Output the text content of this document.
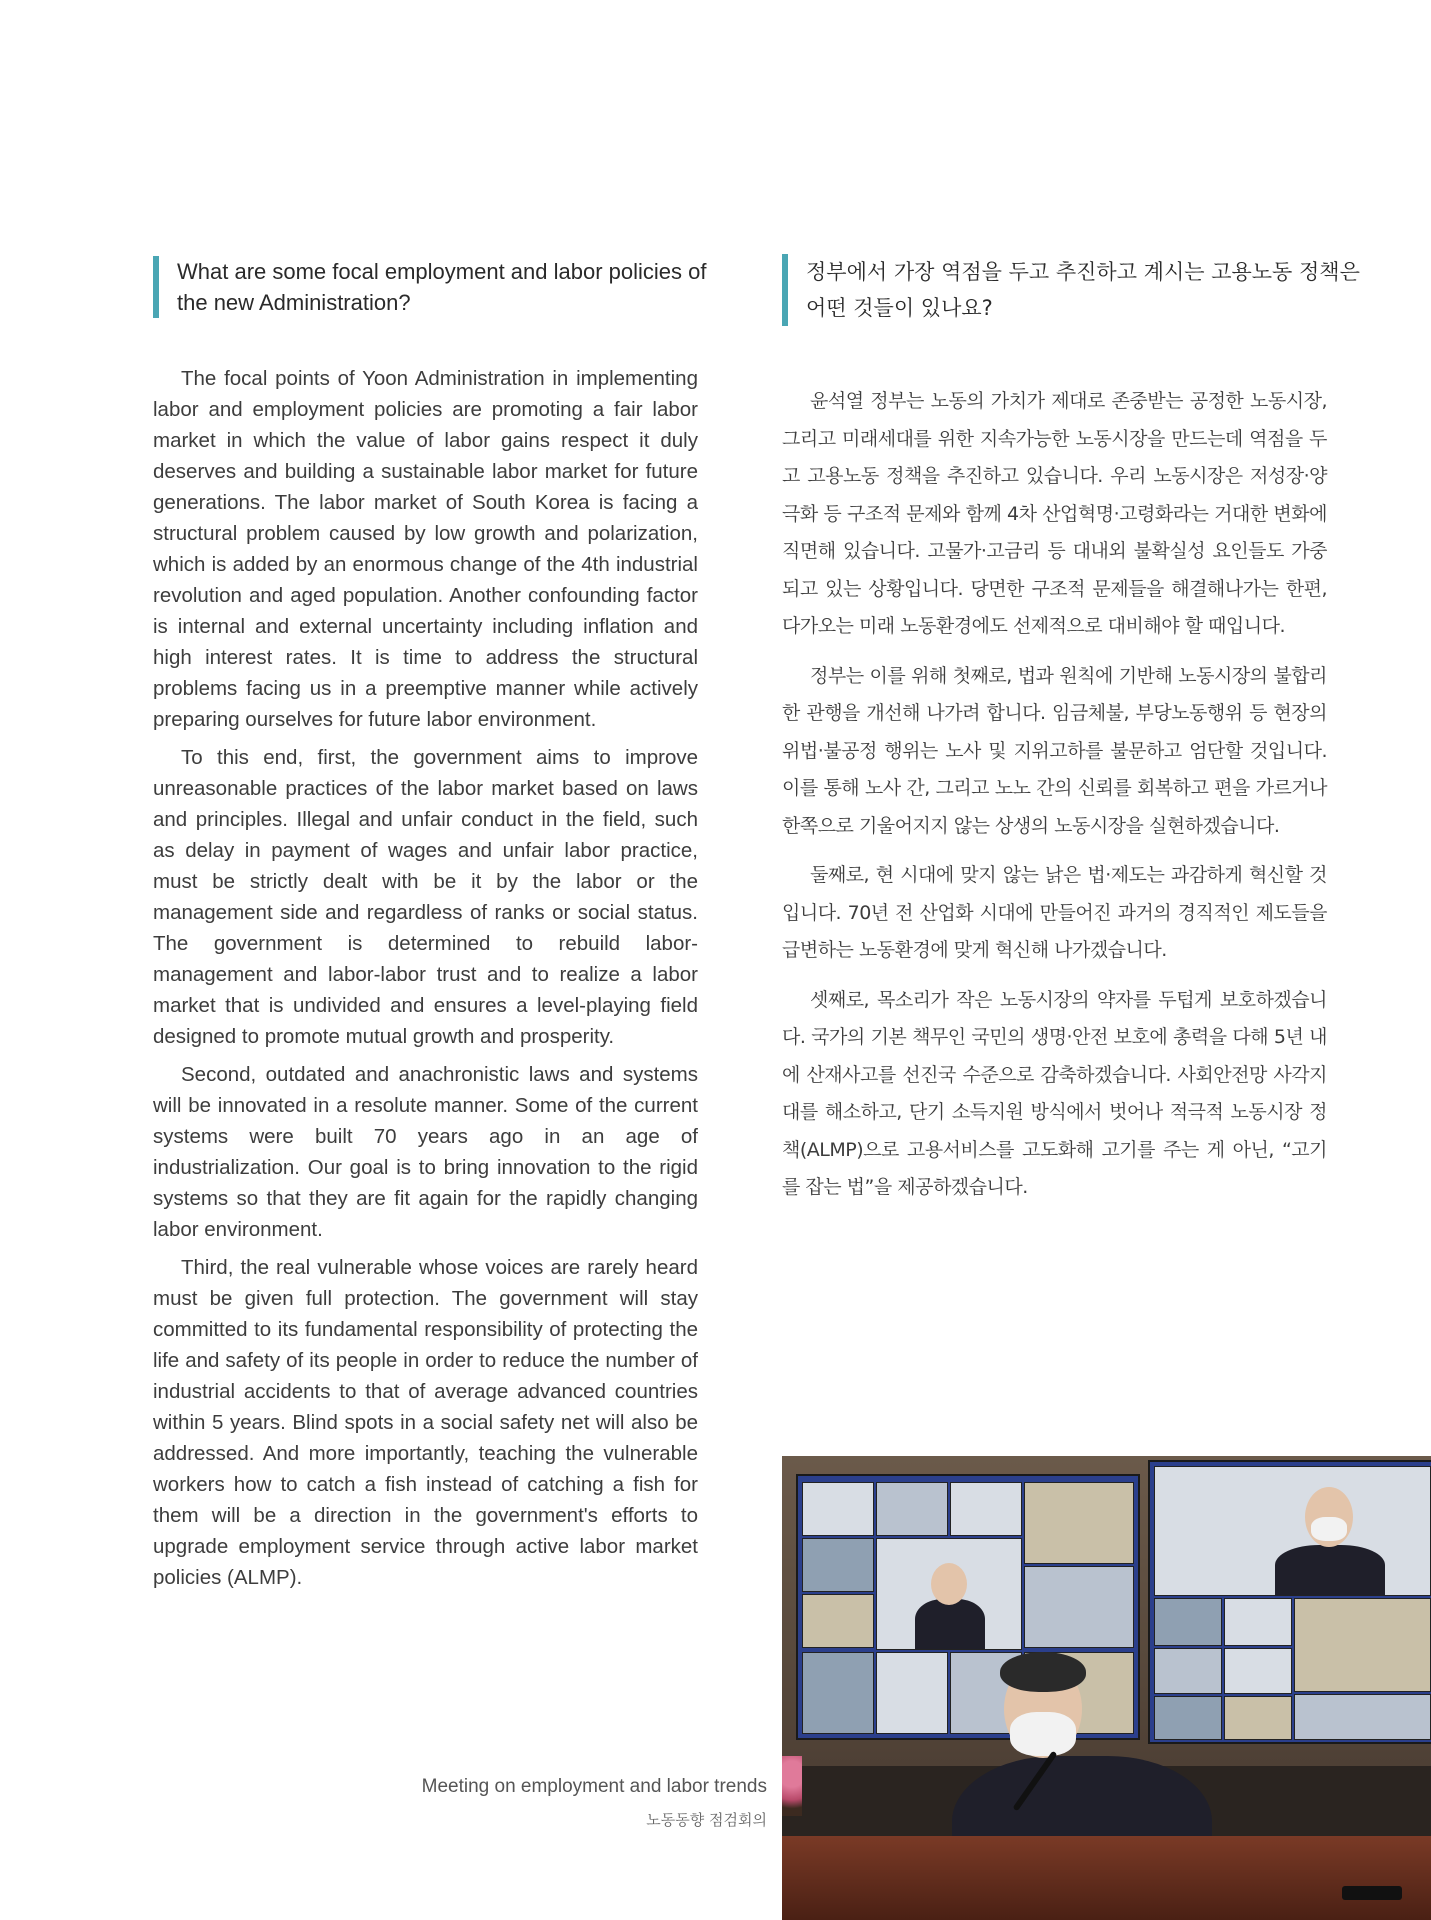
What are some focal employment and labor policies of the new Administration?
정부에서 가장 역점을 두고 추진하고 계시는 고용노동 정책은 어떤 것들이 있나요?

The focal points of Yoon Administration in implementing labor and employment policies are promoting a fair labor market in which the value of labor gains respect it duly deserves and building a sustainable labor market for future generations. The labor market of South Korea is facing a structural problem caused by low growth and polarization, which is added by an enormous change of the 4th industrial revolution and aged population. Another confounding factor is internal and external uncertainty including inflation and high interest rates. It is time to address the structural problems facing us in a preemptive manner while actively preparing ourselves for future labor environment.

To this end, first, the government aims to improve unreasonable practices of the labor market based on laws and principles. Illegal and unfair conduct in the field, such as delay in payment of wages and unfair labor practice, must be strictly dealt with be it by the labor or the management side and regardless of ranks or social status. The government is determined to rebuild labor-management and labor-labor trust and to realize a labor market that is undivided and ensures a level-playing field designed to promote mutual growth and prosperity.

Second, outdated and anachronistic laws and systems will be innovated in a resolute manner. Some of the current systems were built 70 years ago in an age of industrialization. Our goal is to bring innovation to the rigid systems so that they are fit again for the rapidly changing labor environment.

Third, the real vulnerable whose voices are rarely heard must be given full protection. The government will stay committed to its fundamental responsibility of protecting the life and safety of its people in order to reduce the number of industrial accidents to that of average advanced countries within 5 years. Blind spots in a social safety net will also be addressed. And more importantly, teaching the vulnerable workers how to catch a fish instead of catching a fish for them will be a direction in the government's efforts to upgrade employment service through active labor market policies (ALMP).

윤석열 정부는 노동의 가치가 제대로 존중받는 공정한 노동시장, 그리고 미래세대를 위한 지속가능한 노동시장을 만드는데 역점을 두고 고용노동 정책을 추진하고 있습니다. 우리 노동시장은 저성장·양극화 등 구조적 문제와 함께 4차 산업혁명·고령화라는 거대한 변화에 직면해 있습니다. 고물가·고금리 등 대내외 불확실성 요인들도 가중되고 있는 상황입니다. 당면한 구조적 문제들을 해결해나가는 한편, 다가오는 미래 노동환경에도 선제적으로 대비해야 할 때입니다.

정부는 이를 위해 첫째로, 법과 원칙에 기반해 노동시장의 불합리한 관행을 개선해 나가려 합니다. 임금체불, 부당노동행위 등 현장의 위법·불공정 행위는 노사 및 지위고하를 불문하고 엄단할 것입니다. 이를 통해 노사 간, 그리고 노노 간의 신뢰를 회복하고 편을 가르거나 한쪽으로 기울어지지 않는 상생의 노동시장을 실현하겠습니다.

둘째로, 현 시대에 맞지 않는 낡은 법·제도는 과감하게 혁신할 것입니다. 70년 전 산업화 시대에 만들어진 과거의 경직적인 제도들을 급변하는 노동환경에 맞게 혁신해 나가겠습니다.

셋째로, 목소리가 작은 노동시장의 약자를 두텁게 보호하겠습니다. 국가의 기본 책무인 국민의 생명·안전 보호에 총력을 다해 5년 내에 산재사고를 선진국 수준으로 감축하겠습니다. 사회안전망 사각지대를 해소하고, 단기 소득지원 방식에서 벗어나 적극적 노동시장 정책(ALMP)으로 고용서비스를 고도화해 고기를 주는 게 아닌, “고기를 잡는 법”을 제공하겠습니다.

Meeting on employment and labor trends
노동동향 점검회의
